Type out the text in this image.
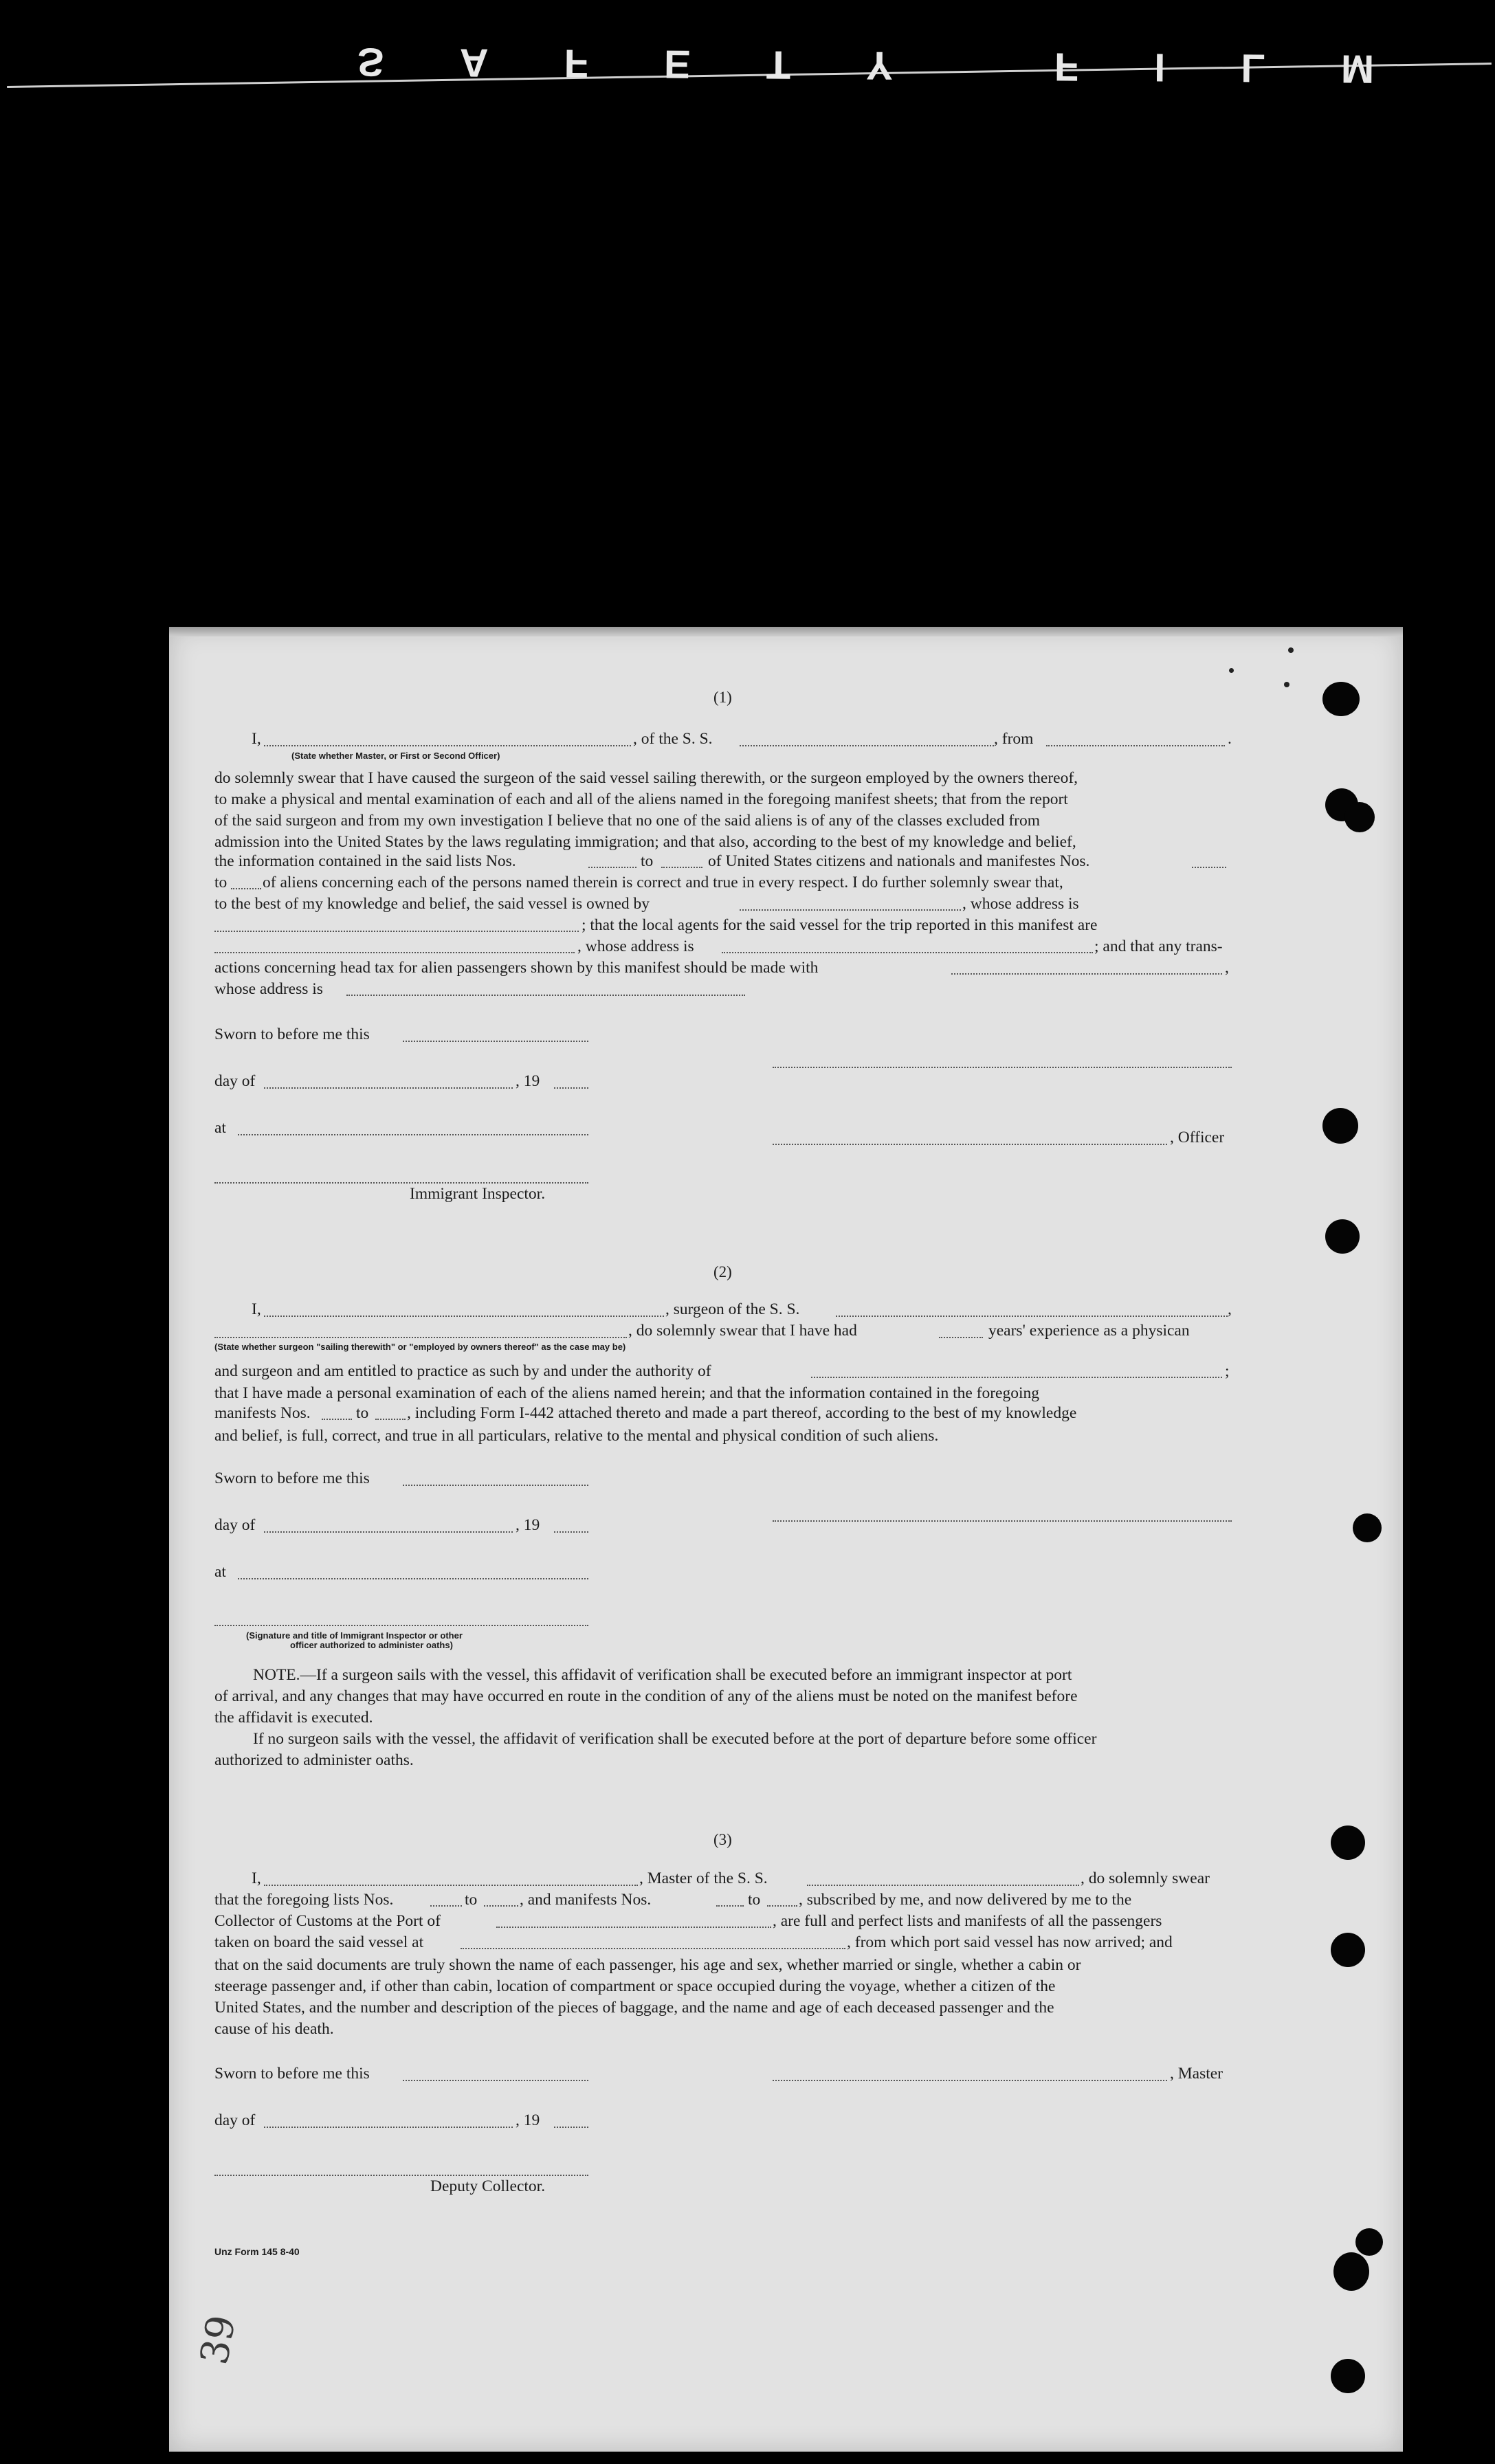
SAFETY FILM
(1)
I,	, of the S. S.	, from	.
(State whether Master, or First or Second Officer)
do solemnly swear that I have caused the surgeon of the said vessel sailing therewith, or the surgeon employed by the owners thereof,
to make a physical and mental examination of each and all of the aliens named in the foregoing manifest sheets; that from the report
of the said surgeon and from my own investigation I believe that no one of the said aliens is of any of the classes excluded from
admission into the United States by the laws regulating immigration; and that also, according to the best of my knowledge and belief,
the information contained in the said lists Nos.	to	of United States citizens and nationals and manifestes Nos.
to of aliens concerning each of the persons named therein is correct and true in every respect. I do further solemnly swear that,
to the best of my knowledge and belief, the said vessel is owned by	, whose address is
; that the local agents for the said vessel for the trip reported in this manifest are
, whose address is	; and that any trans-
actions concerning head tax for alien passengers shown by this manifest should be made with	,
whose address is
Sworn to before me this
day of	, 19
at
, Officer
Immigrant Inspector.
(2)
I,	, surgeon of the S. S.	,
, do solemnly swear that I have had	years' experience as a physican
(State whether surgeon "sailing therewith" or "employed by owners thereof" as the case may be)
and surgeon and am entitled to practice as such by and under the authority of	;
that I have made a personal examination of each of the aliens named herein; and that the information contained in the foregoing
manifests Nos.	to , including Form I-442 attached thereto and made a part thereof, according to the best of my knowledge
and belief, is full, correct, and true in all particulars, relative to the mental and physical condition of such aliens.
Sworn to before me this
day of	, 19
at
(Signature and title of Immigrant Inspector or other
officer authorized to administer oaths)
NOTE.—If a surgeon sails with the vessel, this affidavit of verification shall be executed before an immigrant inspector at port
of arrival, and any changes that may have occurred en route in the condition of any of the aliens must be noted on the manifest before
the affidavit is executed.
If no surgeon sails with the vessel, the affidavit of verification shall be executed before at the port of departure before some officer
authorized to administer oaths.
(3)
I,	, Master of the S. S.	, do solemnly swear
that the foregoing lists Nos.	to	, and manifests Nos.	to , subscribed by me, and now delivered by me to the
Collector of Customs at the Port of	, are full and perfect lists and manifests of all the passengers
taken on board the said vessel at	, from which port said vessel has now arrived; and
that on the said documents are truly shown the name of each passenger, his age and sex, whether married or single, whether a cabin or
steerage passenger and, if other than cabin, location of compartment or space occupied during the voyage, whether a citizen of the
United States, and the number and description of the pieces of baggage, and the name and age of each deceased passenger and the
cause of his death.
Sworn to before me this	, Master
day of	, 19
Deputy Collector.
Unz Form 145 8-40
39
